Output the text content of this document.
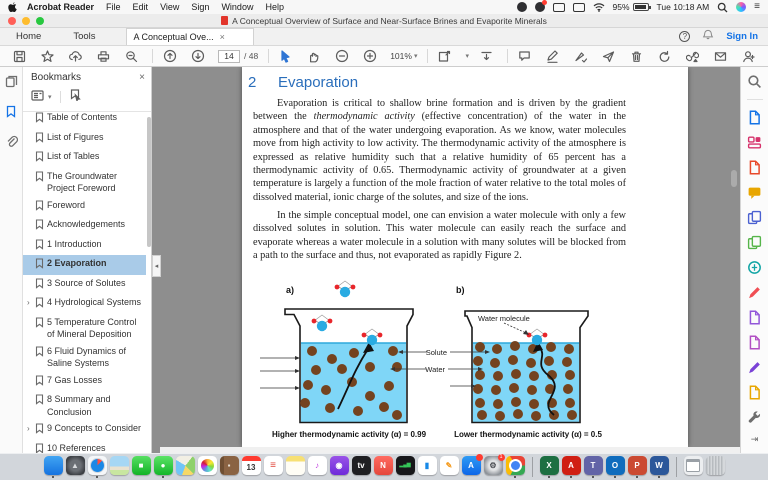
Acrobat Reader File Edit View Sign Window Help	95%	Tue 10:18 AM	≡
A Conceptual Overview of Surface and Near-Surface Brines and Evaporite Minerals
Home	Tools	A Conceptual Ove... ×	?	Sign In
14
/ 48	101% ▾	▾
Bookmarks	×
▾
Table of Contents
List of Figures
List of Tables
The Groundwater Project Foreword
Foreword
Acknowledgements
1 Introduction
2 Evaporation
3 Source of Solutes
›	4 Hydrological Systems
5 Temperature Control of Mineral Deposition
6 Fluid Dynamics of Saline Systems
7 Gas Losses
8 Summary and Conclusion
›	9 Concepts to Consider
10 References
◂
2 Evaporation
Evaporation is critical to shallow brine formation and is driven by the gradient between the thermodynamic activity (effective concentration) of the water in the atmosphere and that of the water undergoing evaporation. As we know, water molecules move from high activity to low activity. The thermodynamic activity of the atmosphere is expressed as relative humidity such that a relative humidity of 65 percent has a thermodynamic activity of 0.65. Thermodynamic activity of groundwater at a given temperature is largely a function of the mole fraction of water relative to the total moles of dissolved material, ionic charge of the solutes, and size of the ions.
In the simple conceptual model, one can envision a water molecule with only a few dissolved solutes in solution. This water molecule can easily reach the surface and evaporate whereas a water molecule in a solution with many solutes will be blocked from a path to the surface and thus, not evaporated as rapidly Figure 2.
a)	b)
Water molecule
Solute
Water
Higher thermodynamic activity (α) = 0.99	Lower thermodynamic activity (α) = 0.5	⇥
▲	■ ●	▪ 13 ≡	♪ ◉ tv N	▂▄▆ ▮ ✎ A ⚙
1
X A T O P W
